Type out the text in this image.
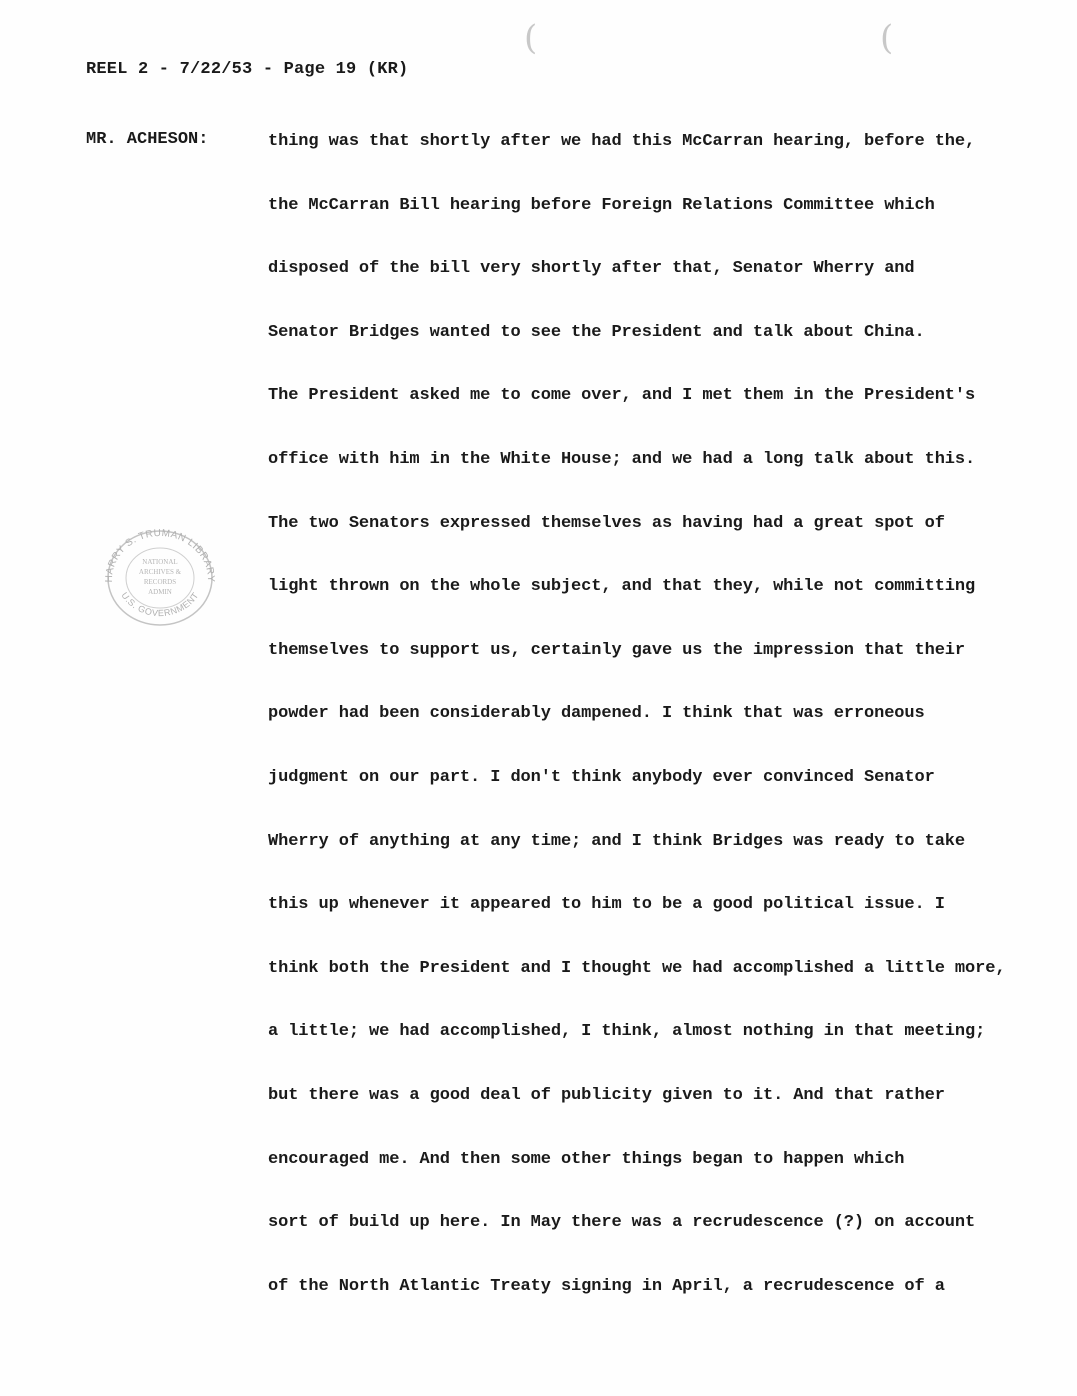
(	(
REEL 2 - 7/22/53 - Page 19 (KR)
MR. ACHESON:	thing was that shortly after we had this McCarran hearing, before the,
the McCarran Bill hearing before Foreign Relations Committee which
disposed of the bill very shortly after that, Senator Wherry and
Senator Bridges wanted to see the President and talk about China.
The President asked me to come over, and I met them in the President's
office with him in the White House; and we had a long talk about this.
The two Senators expressed themselves as having had a great spot of
light thrown on the whole subject, and that they, while not committing
themselves to support us, certainly gave us the impression that their
powder had been considerably dampened. I think that was erroneous
judgment on our part. I don't think anybody ever convinced Senator
Wherry of anything at any time; and I think Bridges was ready to take
this up whenever it appeared to him to be a good political issue. I
think both the President and I thought we had accomplished a little more,
a little; we had accomplished, I think, almost nothing in that meeting;
but there was a good deal of publicity given to it. And that rather
encouraged me. And then some other things began to happen which
sort of build up here. In May there was a recrudescence (?) on account
of the North Atlantic Treaty signing in April, a recrudescence of a
HARRY S. TRUMAN LIBRARY
U.S. GOVERNMENT
NATIONAL
ARCHIVES &
RECORDS
ADMIN
